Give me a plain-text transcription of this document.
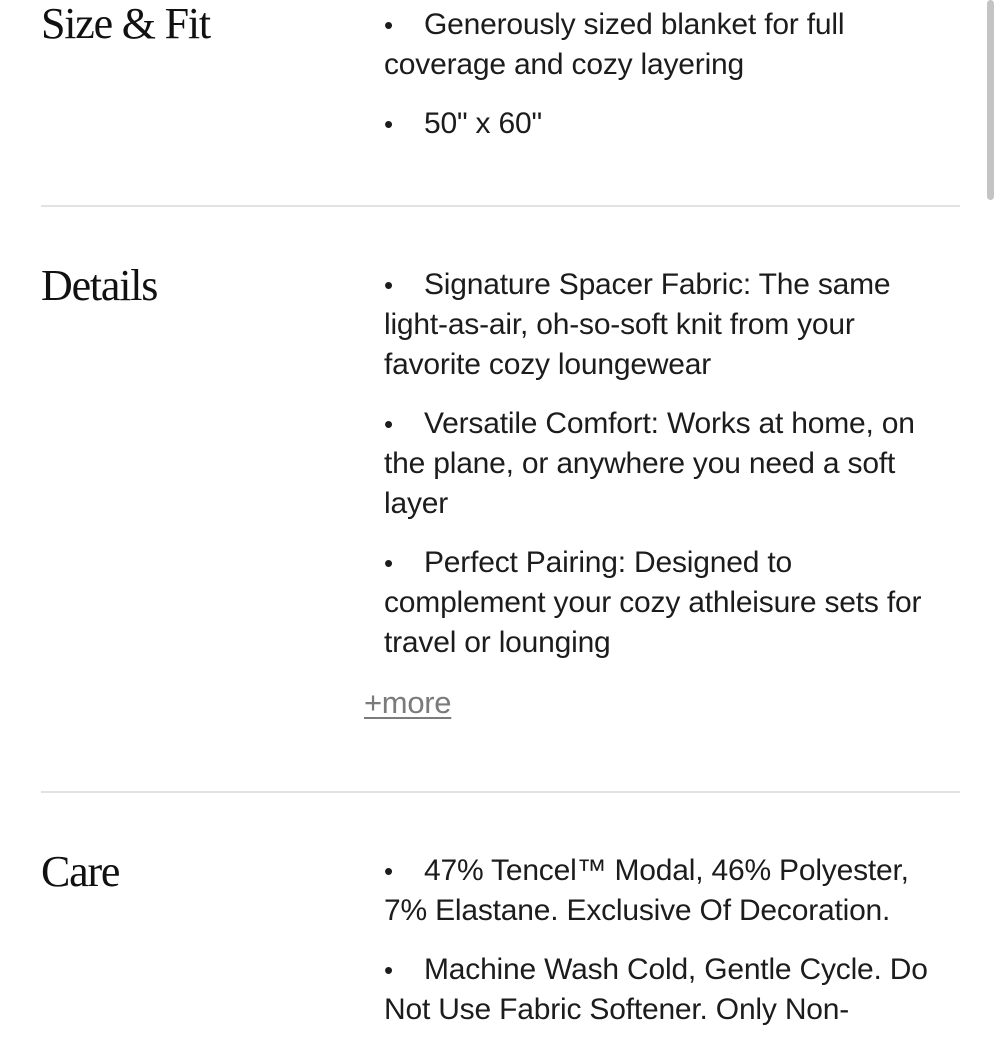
Size & Fit	• Generously sized blanket for full coverage and cozy layering
• 50" x 60"
Details	• Signature Spacer Fabric: The same light-as-air, oh-so-soft knit from your favorite cozy loungewear
• Versatile Comfort: Works at home, on the plane, or anywhere you need a soft layer
• Perfect Pairing: Designed to complement your cozy athleisure sets for travel or lounging
+more
Care	• 47% Tencel™ Modal, 46% Polyester, 7% Elastane. Exclusive Of Decoration.
• Machine Wash Cold, Gentle Cycle. Do Not Use Fabric Softener. Only Non-
